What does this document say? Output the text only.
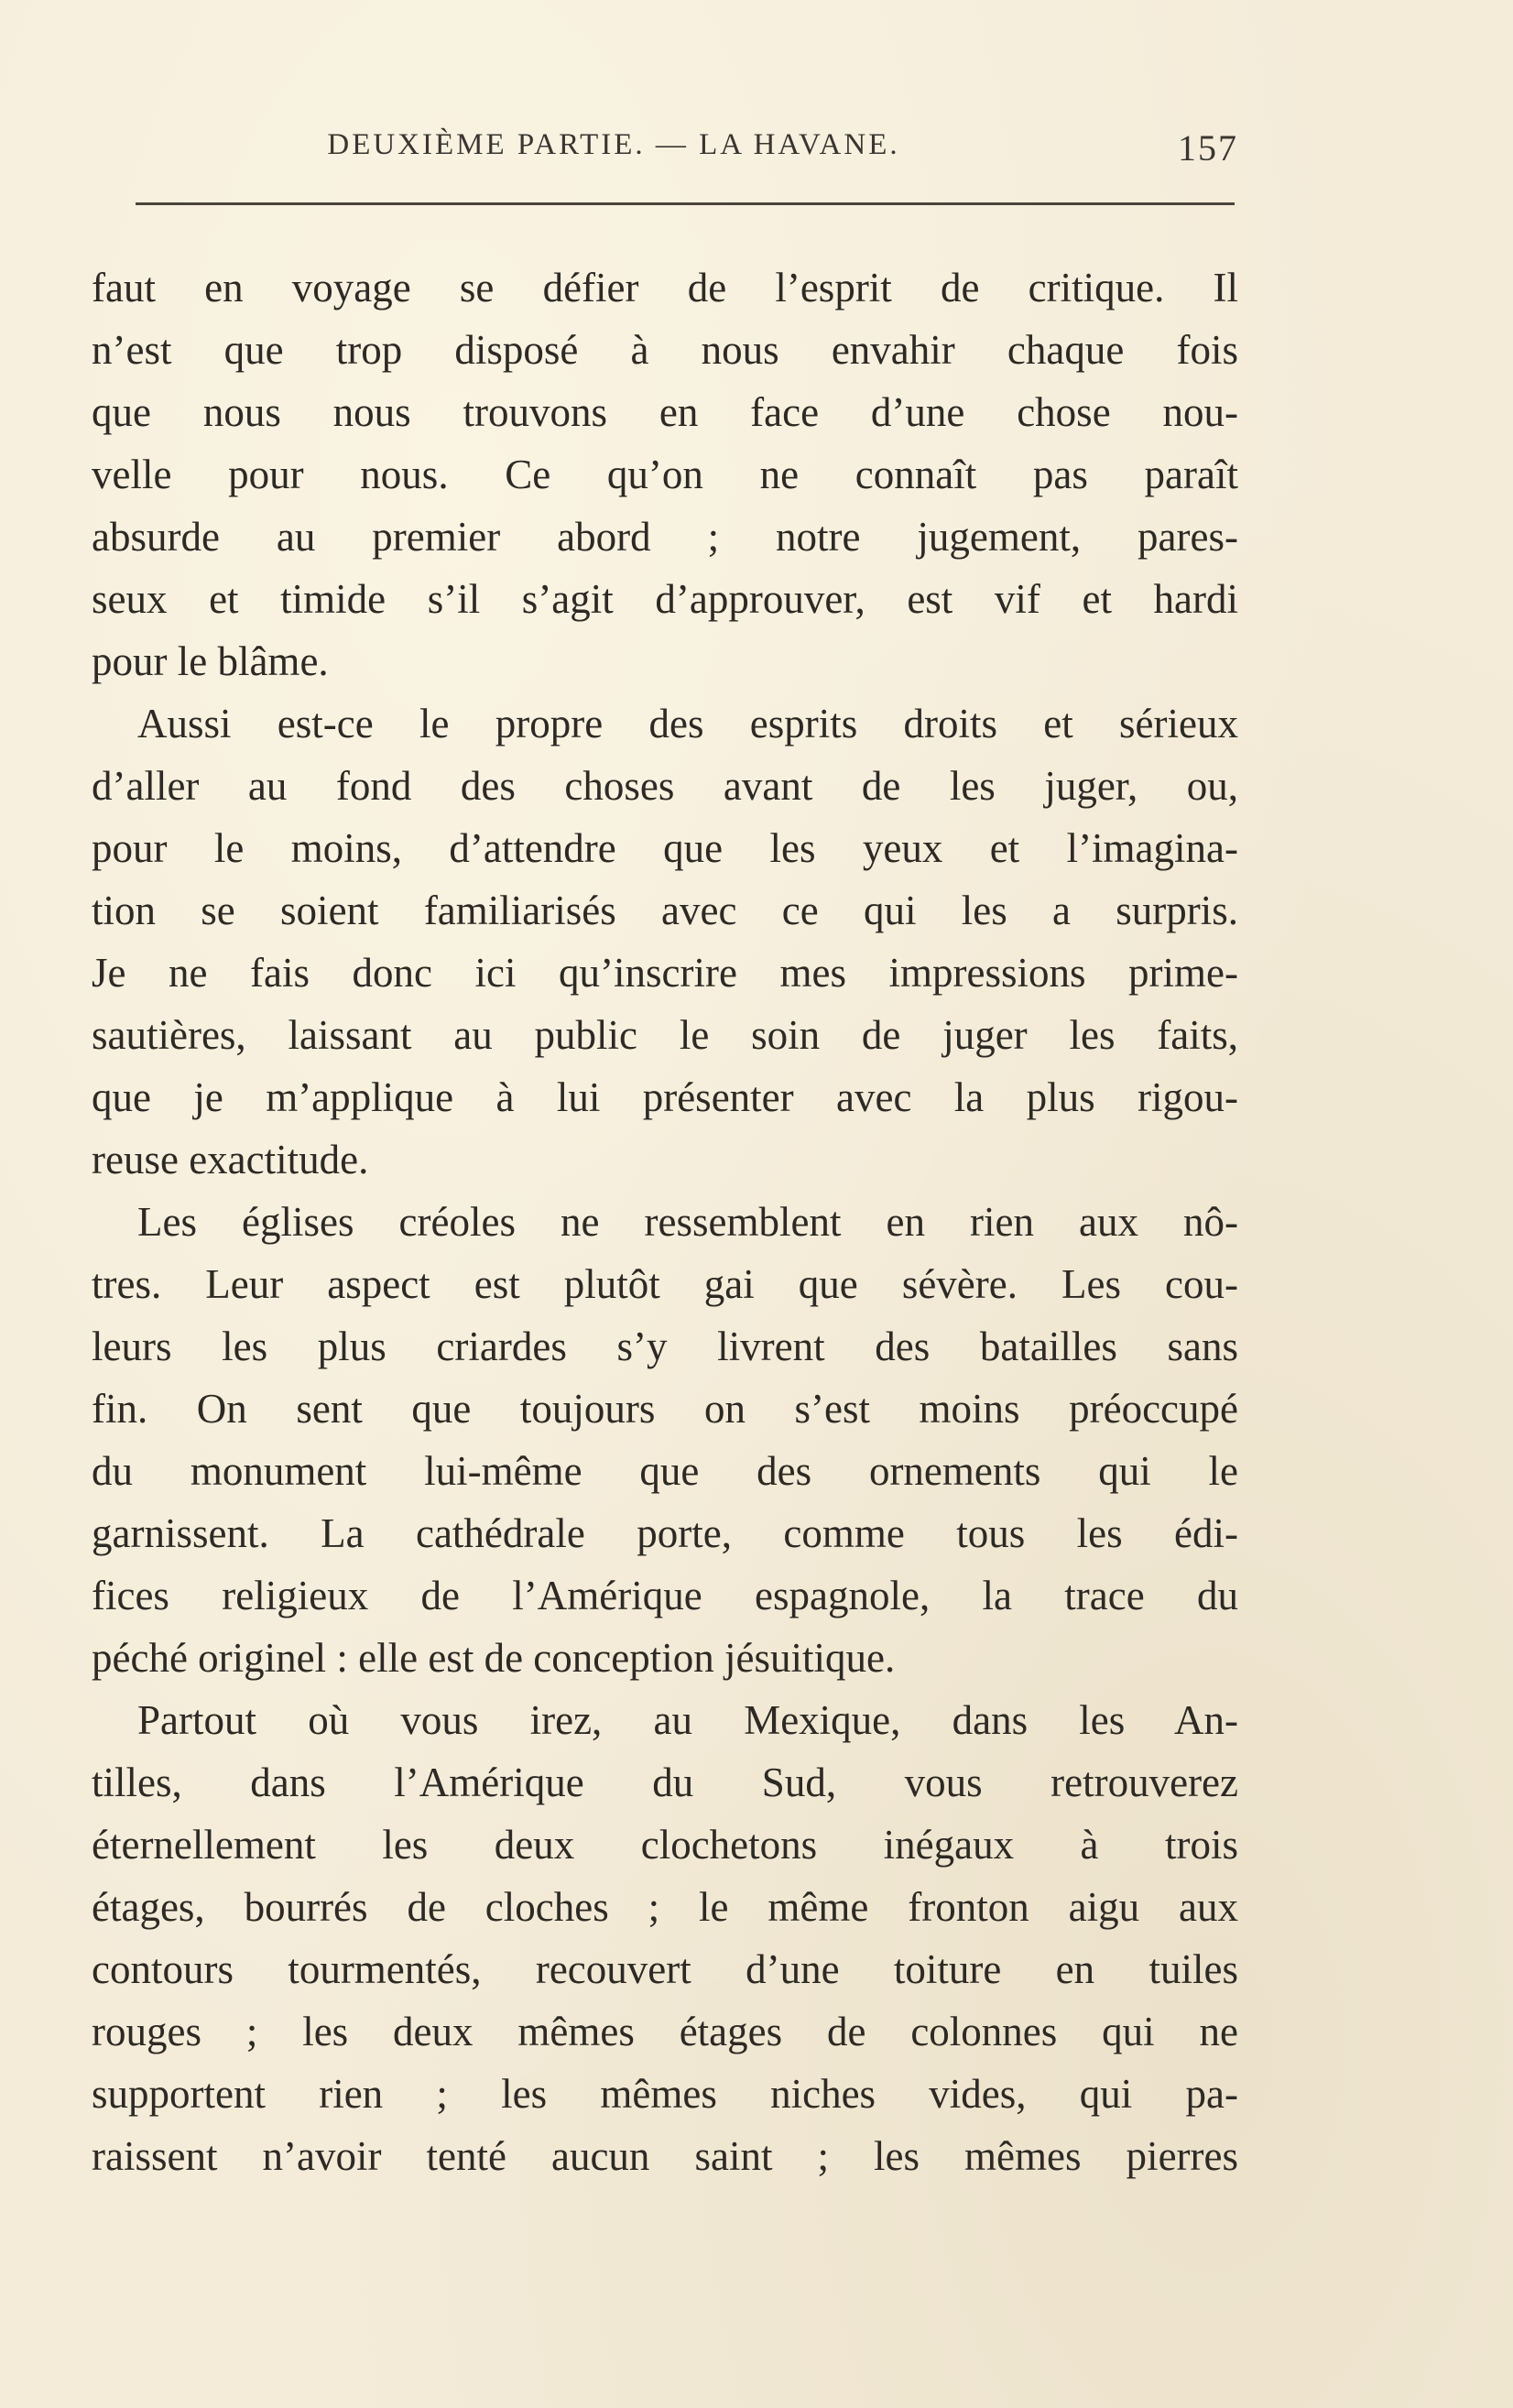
DEUXIÈME PARTIE. — LA HAVANE.	157
faut en voyage se défier de l’esprit de critique. Il
n’est que trop disposé à nous envahir chaque fois
que nous nous trouvons en face d’une chose nou-
velle pour nous. Ce qu’on ne connaît pas paraît
absurde au premier abord ; notre jugement, pares-
seux et timide s’il s’agit d’approuver, est vif et hardi
pour le blâme.
Aussi est-ce le propre des esprits droits et sérieux
d’aller au fond des choses avant de les juger, ou,
pour le moins, d’attendre que les yeux et l’imagina-
tion se soient familiarisés avec ce qui les a surpris.
Je ne fais donc ici qu’inscrire mes impressions prime-
sautières, laissant au public le soin de juger les faits,
que je m’applique à lui présenter avec la plus rigou-
reuse exactitude.
Les églises créoles ne ressemblent en rien aux nô-
tres. Leur aspect est plutôt gai que sévère. Les cou-
leurs les plus criardes s’y livrent des batailles sans
fin. On sent que toujours on s’est moins préoccupé
du monument lui-même que des ornements qui le
garnissent. La cathédrale porte, comme tous les édi-
fices religieux de l’Amérique espagnole, la trace du
péché originel : elle est de conception jésuitique.
Partout où vous irez, au Mexique, dans les An-
tilles, dans l’Amérique du Sud, vous retrouverez
éternellement les deux clochetons inégaux à trois
étages, bourrés de cloches ; le même fronton aigu aux
contours tourmentés, recouvert d’une toiture en tuiles
rouges ; les deux mêmes étages de colonnes qui ne
supportent rien ; les mêmes niches vides, qui pa-
raissent n’avoir tenté aucun saint ; les mêmes pierres
